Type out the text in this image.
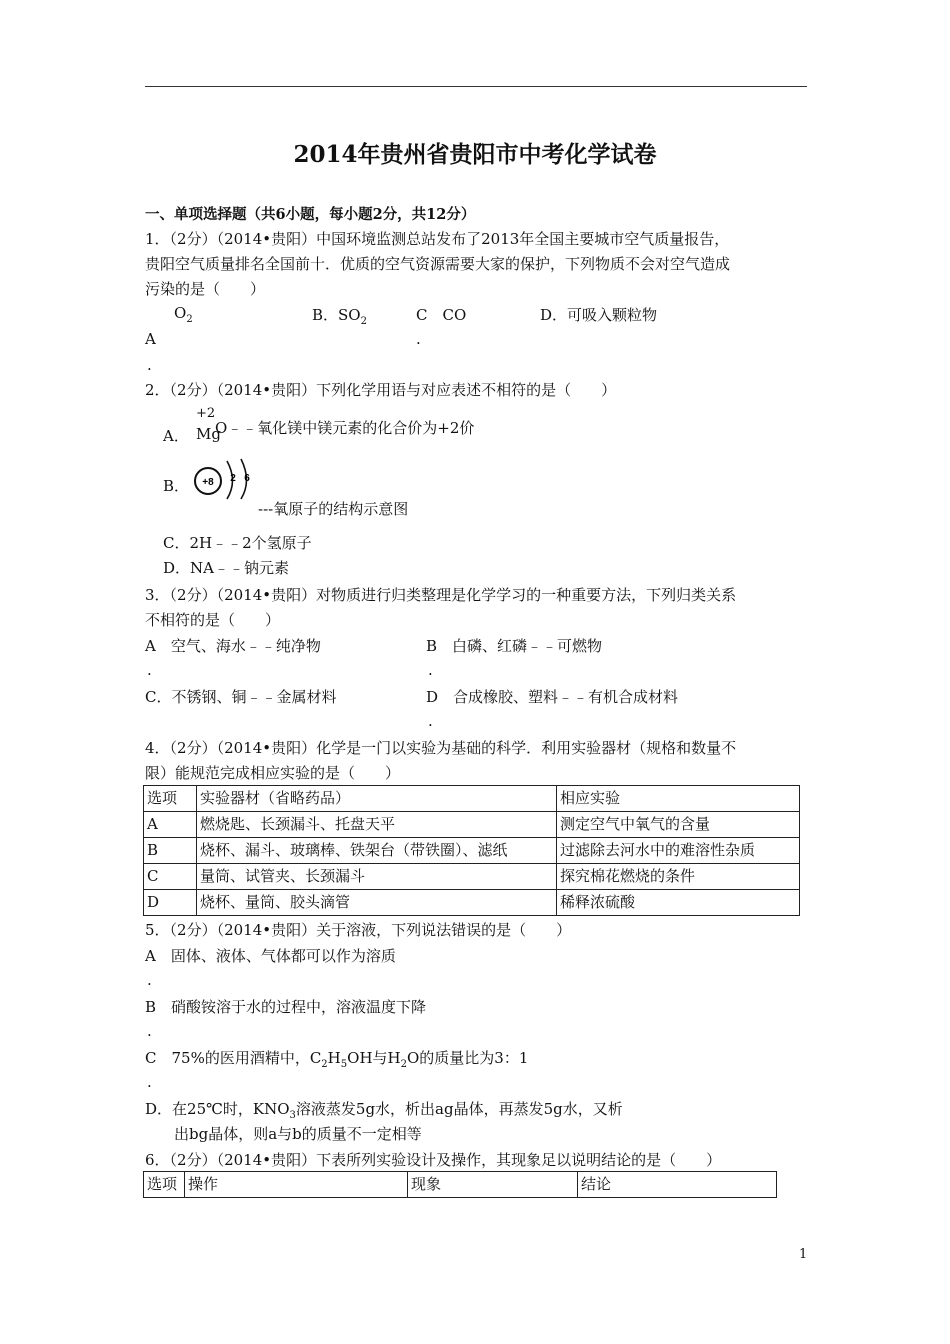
2014年贵州省贵阳市中考化学试卷
一、单项选择题（共6小题，每小题2分，共12分）
1．（2分）（2014•贵阳）中国环境监测总站发布了2013年全国主要城市空气质量报告，
贵阳空气质量排名全国前十．优质的空气资源需要大家的保护，下列物质不会对空气造成
污染的是（　　）
$O_2$
A
.
B．$SO_2$	C　CO
.
D．可吸入颗粒物
2．（2分）（2014•贵阳）下列化学用语与对应表述不相符的是（　　）
A．
+2
Mg
O﹣﹣氧化镁中镁元素的化合价为+2价
B． +8 2 6
---氧原子的结构示意图
C．2H﹣﹣2个氢原子
D．NA﹣﹣钠元素
3．（2分）（2014•贵阳）对物质进行归类整理是化学学习的一种重要方法，下列归类关系
不相符的是（　　）
A　空气、海水﹣﹣纯净物
.
B　白磷、红磷﹣﹣可燃物
.
C．不锈钢、铜﹣﹣金属材料	D　合成橡胶、塑料﹣﹣有机合成材料
.
4．（2分）（2014•贵阳）化学是一门以实验为基础的科学．利用实验器材（规格和数量不
限）能规范完成相应实验的是（　　）
选项	实验器材（省略药品）	相应实验
A	燃烧匙、长颈漏斗、托盘天平	测定空气中氧气的含量
B	烧杯、漏斗、玻璃棒、铁架台（带铁圈）、滤纸	过滤除去河水中的难溶性杂质
C	量筒、试管夹、长颈漏斗	探究棉花燃烧的条件
D	烧杯、量筒、胶头滴管	稀释浓硫酸
5．（2分）（2014•贵阳）关于溶液，下列说法错误的是（　　）
A　固体、液体、气体都可以作为溶质
.
B　硝酸铵溶于水的过程中，溶液温度下降
.
C　75%的医用酒精中，$C_2H_5OH$与$H_2O$的质量比为3：1
.
D．在25℃时，$KNO_3$溶液蒸发5g水，析出ag晶体，再蒸发5g水，又析
出bg晶体，则a与b的质量不一定相等
6．（2分）（2014•贵阳）下表所列实验设计及操作，其现象足以说明结论的是（　　）
选项	操作	现象	结论
1
